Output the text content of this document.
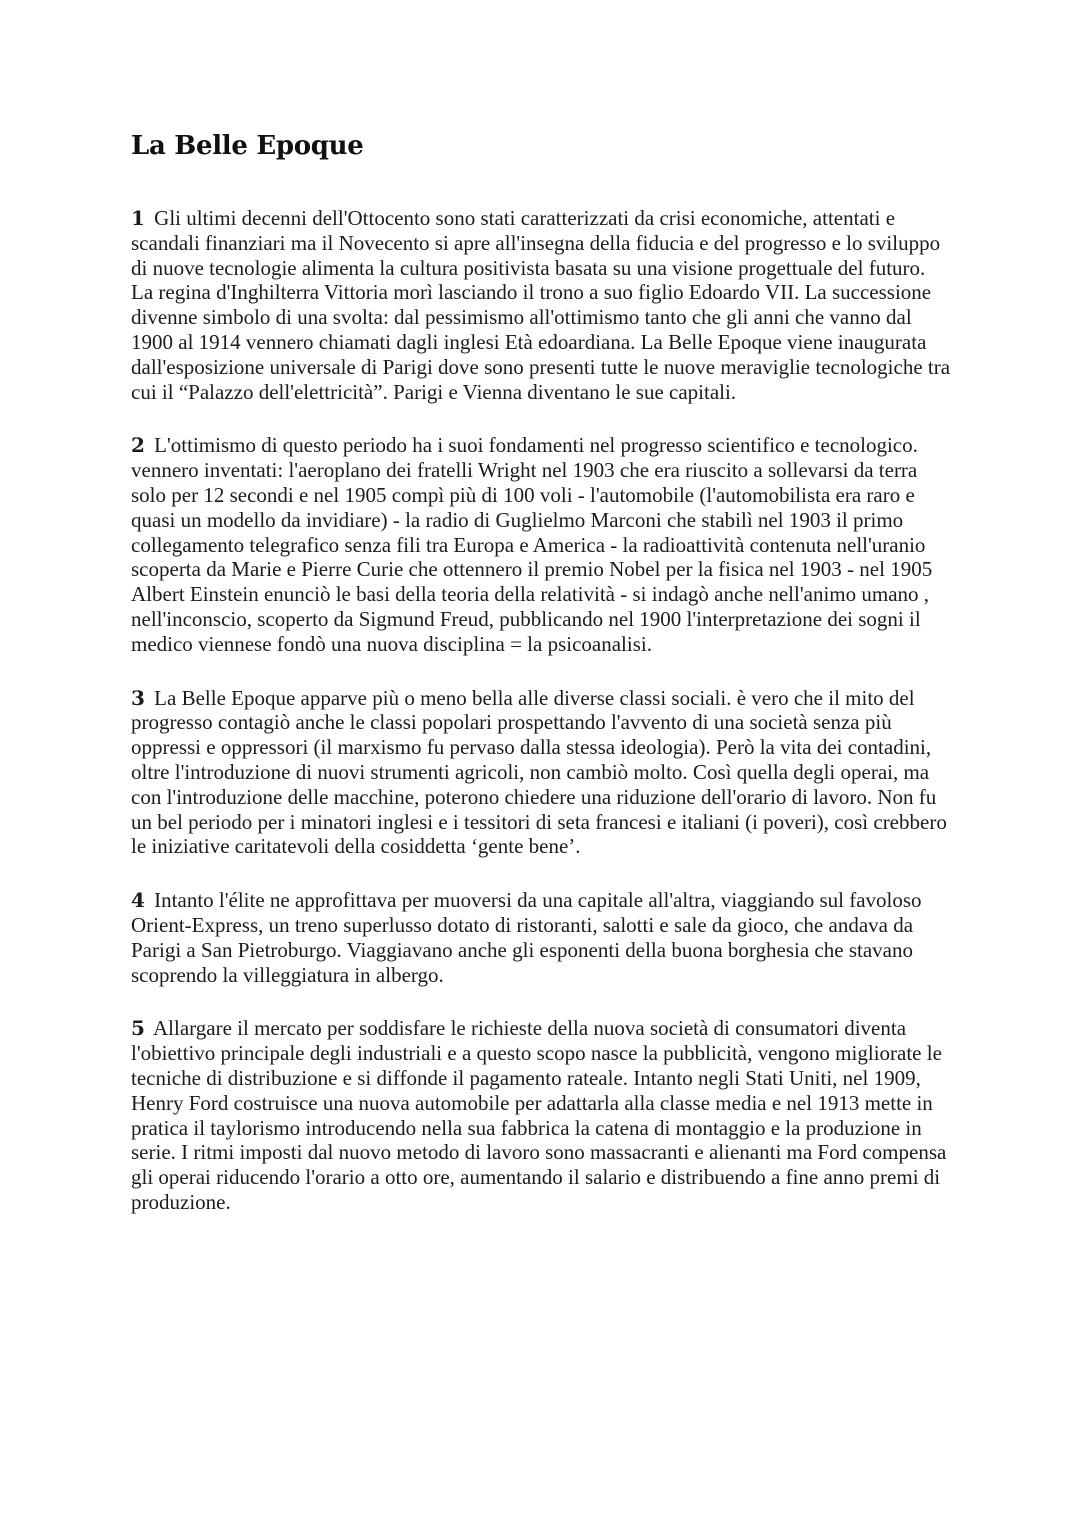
La Belle Epoque

1 Gli ultimi decenni dell'Ottocento sono stati caratterizzati da crisi economiche, attentati e scandali finanziari ma il Novecento si apre all'insegna della fiducia e del progresso e lo sviluppo di nuove tecnologie alimenta la cultura positivista basata su una visione progettuale del futuro. La regina d'Inghilterra Vittoria morì lasciando il trono a suo figlio Edoardo VII. La successione divenne simbolo di una svolta: dal pessimismo all'ottimismo tanto che gli anni che vanno dal 1900 al 1914 vennero chiamati dagli inglesi Età edoardiana. La Belle Epoque viene inaugurata dall'esposizione universale di Parigi dove sono presenti tutte le nuove meraviglie tecnologiche tra cui il “Palazzo dell'elettricità”. Parigi e Vienna diventano le sue capitali.

2 L'ottimismo di questo periodo ha i suoi fondamenti nel progresso scientifico e tecnologico. vennero inventati: l'aeroplano dei fratelli Wright nel 1903 che era riuscito a sollevarsi da terra solo per 12 secondi e nel 1905 compì più di 100 voli - l'automobile (l'automobilista era raro e quasi un modello da invidiare) - la radio di Guglielmo Marconi che stabilì nel 1903 il primo collegamento telegrafico senza fili tra Europa e America - la radioattività contenuta nell'uranio scoperta da Marie e Pierre Curie che ottennero il premio Nobel per la fisica nel 1903 - nel 1905 Albert Einstein enunciò le basi della teoria della relatività - si indagò anche nell'animo umano , nell'inconscio, scoperto da Sigmund Freud, pubblicando nel 1900 l'interpretazione dei sogni il medico viennese fondò una nuova disciplina = la psicoanalisi.

3 La Belle Epoque apparve più o meno bella alle diverse classi sociali. è vero che il mito del progresso contagiò anche le classi popolari prospettando l'avvento di una società senza più oppressi e oppressori (il marxismo fu pervaso dalla stessa ideologia). Però la vita dei contadini, oltre l'introduzione di nuovi strumenti agricoli, non cambiò molto. Così quella degli operai, ma con l'introduzione delle macchine, poterono chiedere una riduzione dell'orario di lavoro. Non fu un bel periodo per i minatori inglesi e i tessitori di seta francesi e italiani (i poveri), così crebbero le iniziative caritatevoli della cosiddetta ‘gente bene’.

4 Intanto l'élite ne approfittava per muoversi da una capitale all'altra, viaggiando sul favoloso Orient-Express, un treno superlusso dotato di ristoranti, salotti e sale da gioco, che andava da Parigi a San Pietroburgo. Viaggiavano anche gli esponenti della buona borghesia che stavano scoprendo la villeggiatura in albergo.

5 Allargare il mercato per soddisfare le richieste della nuova società di consumatori diventa l'obiettivo principale degli industriali e a questo scopo nasce la pubblicità, vengono migliorate le tecniche di distribuzione e si diffonde il pagamento rateale. Intanto negli Stati Uniti, nel 1909, Henry Ford costruisce una nuova automobile per adattarla alla classe media e nel 1913 mette in pratica il taylorismo introducendo nella sua fabbrica la catena di montaggio e la produzione in serie. I ritmi imposti dal nuovo metodo di lavoro sono massacranti e alienanti ma Ford compensa gli operai riducendo l'orario a otto ore, aumentando il salario e distribuendo a fine anno premi di produzione.
